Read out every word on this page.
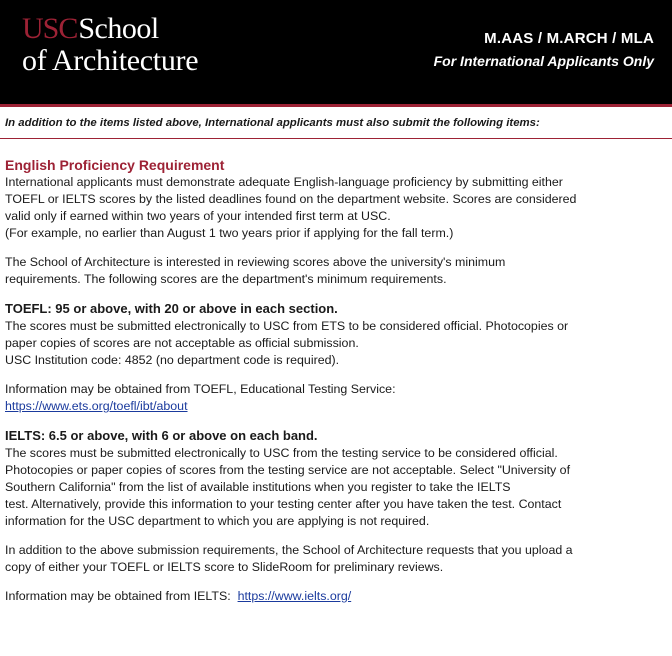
USCSchool
of Architecture
M.AAS / M.ARCH / MLA
For International Applicants Only
In addition to the items listed above, International applicants must also submit the following items:
English Proficiency Requirement

International applicants must demonstrate adequate English-language proficiency by submitting either

TOEFL or IELTS scores by the listed deadlines found on the department website. Scores are considered

valid only if earned within two years of your intended first term at USC.

(For example, no earlier than August 1 two years prior if applying for the fall term.)

The School of Architecture is interested in reviewing scores above the university's minimum

requirements. The following scores are the department's minimum requirements.

TOEFL: 95 or above, with 20 or above in each section.

The scores must be submitted electronically to USC from ETS to be considered official. Photocopies or

paper copies of scores are not acceptable as official submission.

USC Institution code: 4852 (no department code is required).

Information may be obtained from TOEFL, Educational Testing Service:

https://www.ets.org/toefl/ibt/about

IELTS: 6.5 or above, with 6 or above on each band.

The scores must be submitted electronically to USC from the testing service to be considered official.

Photocopies or paper copies of scores from the testing service are not acceptable. Select "University of

Southern California" from the list of available institutions when you register to take the IELTS

test. Alternatively, provide this information to your testing center after you have taken the test. Contact

information for the USC department to which you are applying is not required.

In addition to the above submission requirements, the School of Architecture requests that you upload a

copy of either your TOEFL or IELTS score to SlideRoom for preliminary reviews.

Information may be obtained from IELTS:  https://www.ielts.org/
